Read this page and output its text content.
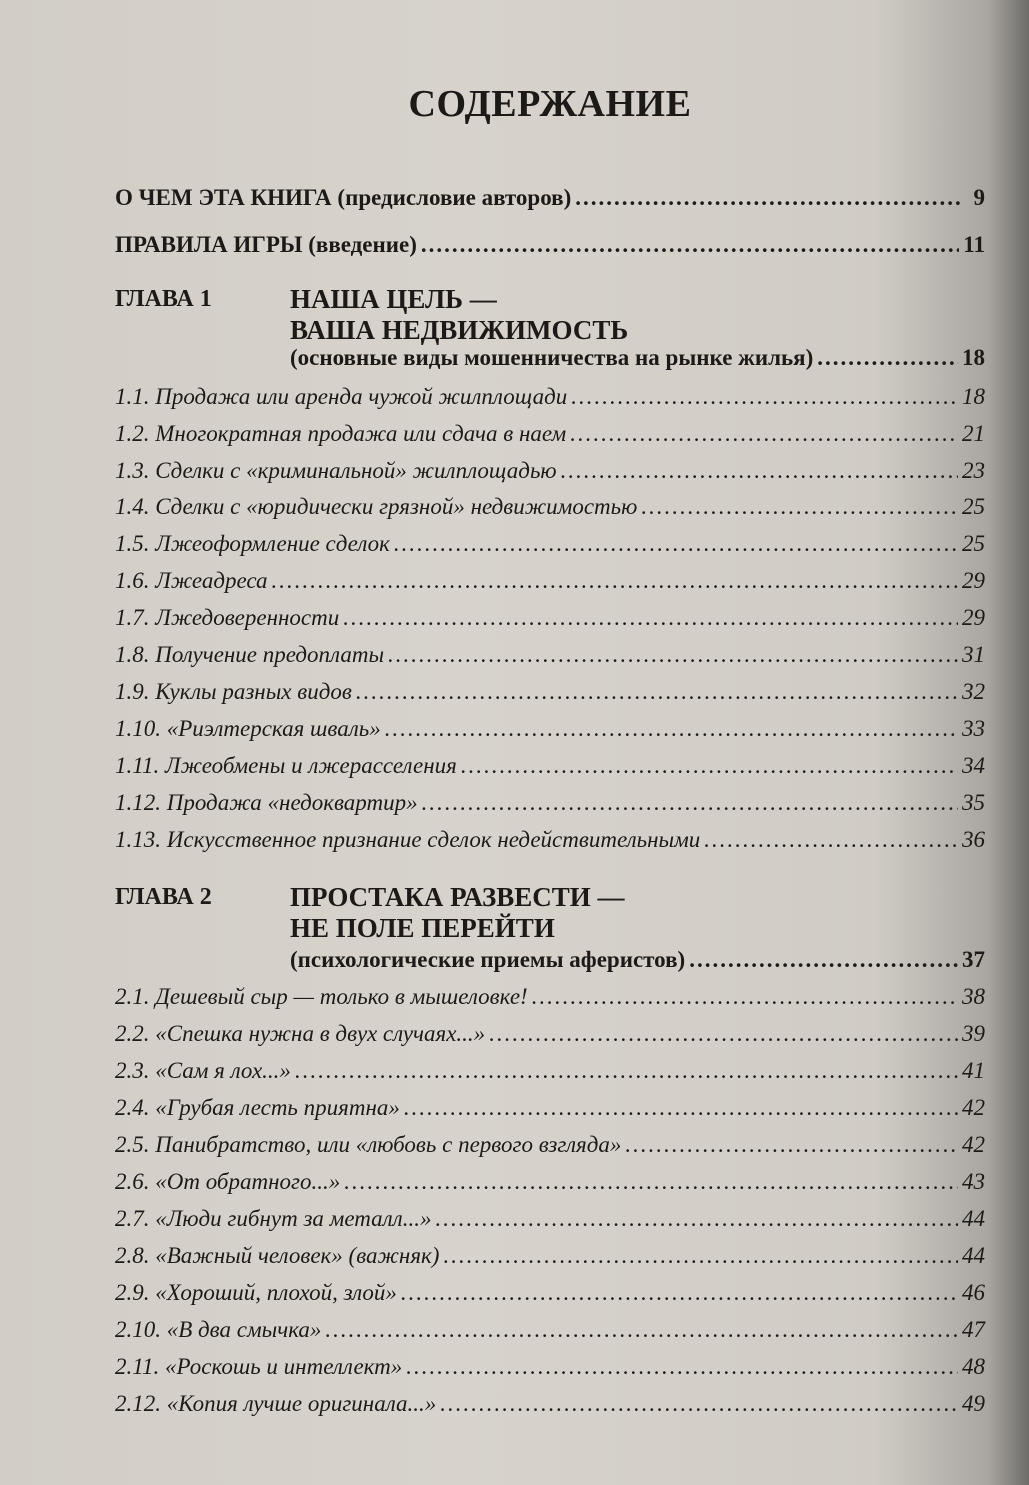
СОДЕРЖАНИЕ
О ЧЕМ ЭТА КНИГА (предисловие авторов) .....	9
ПРАВИЛА ИГРЫ (введение) .....	11
ГЛАВА 1	НАША ЦЕЛЬ —
ВАША НЕДВИЖИМОСТЬ
(основные виды мошенничества на рынке жилья) .....	18
1.1. Продажа или аренда чужой жилплощади .....	18
1.2. Многократная продажа или сдача в наем .....	21
1.3. Сделки с «криминальной» жилплощадью .....	23
1.4. Сделки с «юридически грязной» недвижимостью .....	25
1.5. Лжеоформление сделок .....	25
1.6. Лжеадреса .....	29
1.7. Лжедоверенности .....	29
1.8. Получение предоплаты .....	31
1.9. Куклы разных видов .....	32
1.10. «Риэлтерская шваль» .....	33
1.11. Лжеобмены и лжерасселения .....	34
1.12. Продажа «недоквартир» .....	35
1.13. Искусственное признание сделок недействительными .....	36
ГЛАВА 2	ПРОСТАКА РАЗВЕСТИ —
НЕ ПОЛЕ ПЕРЕЙТИ
(психологические приемы аферистов) .....	37
2.1. Дешевый сыр — только в мышеловке! .....	38
2.2. «Спешка нужна в двух случаях...» .....	39
2.3. «Сам я лох...» .....	41
2.4. «Грубая лесть приятна» .....	42
2.5. Панибратство, или «любовь с первого взгляда» .....	42
2.6. «От обратного...» .....	43
2.7. «Люди гибнут за металл...» .....	44
2.8. «Важный человек» (важняк) .....	44
2.9. «Хороший, плохой, злой» .....	46
2.10. «В два смычка» .....	47
2.11. «Роскошь и интеллект» .....	48
2.12. «Копия лучше оригинала...» .....	49
